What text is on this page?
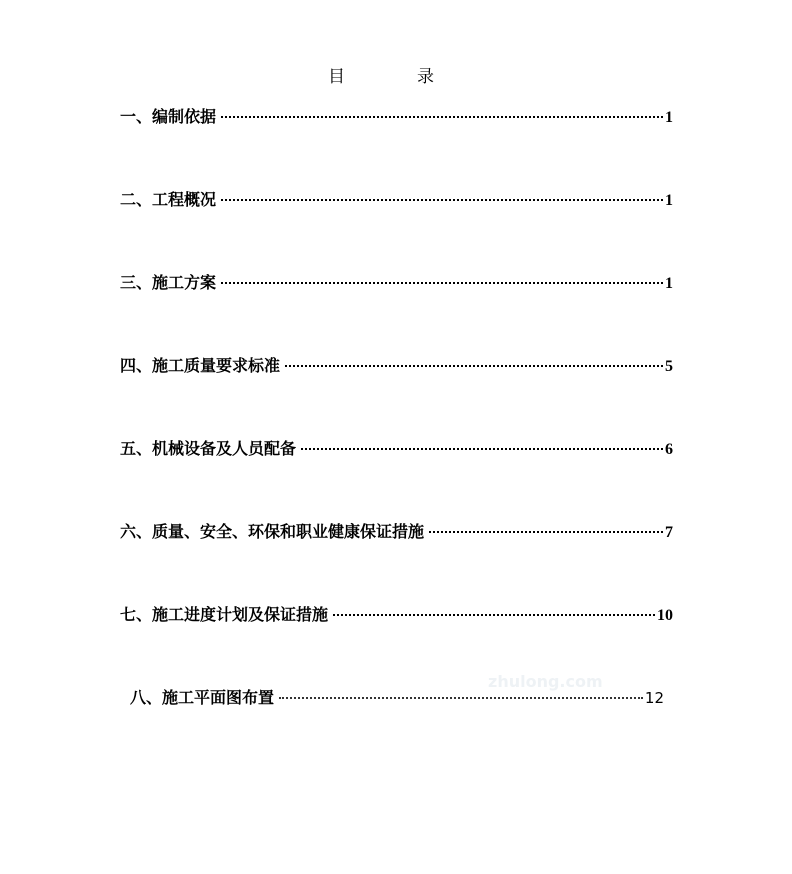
目	录
一、编制依据	1
二、工程概况	1
三、施工方案	1
四、施工质量要求标准	5
五、机械设备及人员配备	6
六、质量、安全、环保和职业健康保证措施	7
七、施工进度计划及保证措施	10
八、施工平面图布置	12
zhulong.com
